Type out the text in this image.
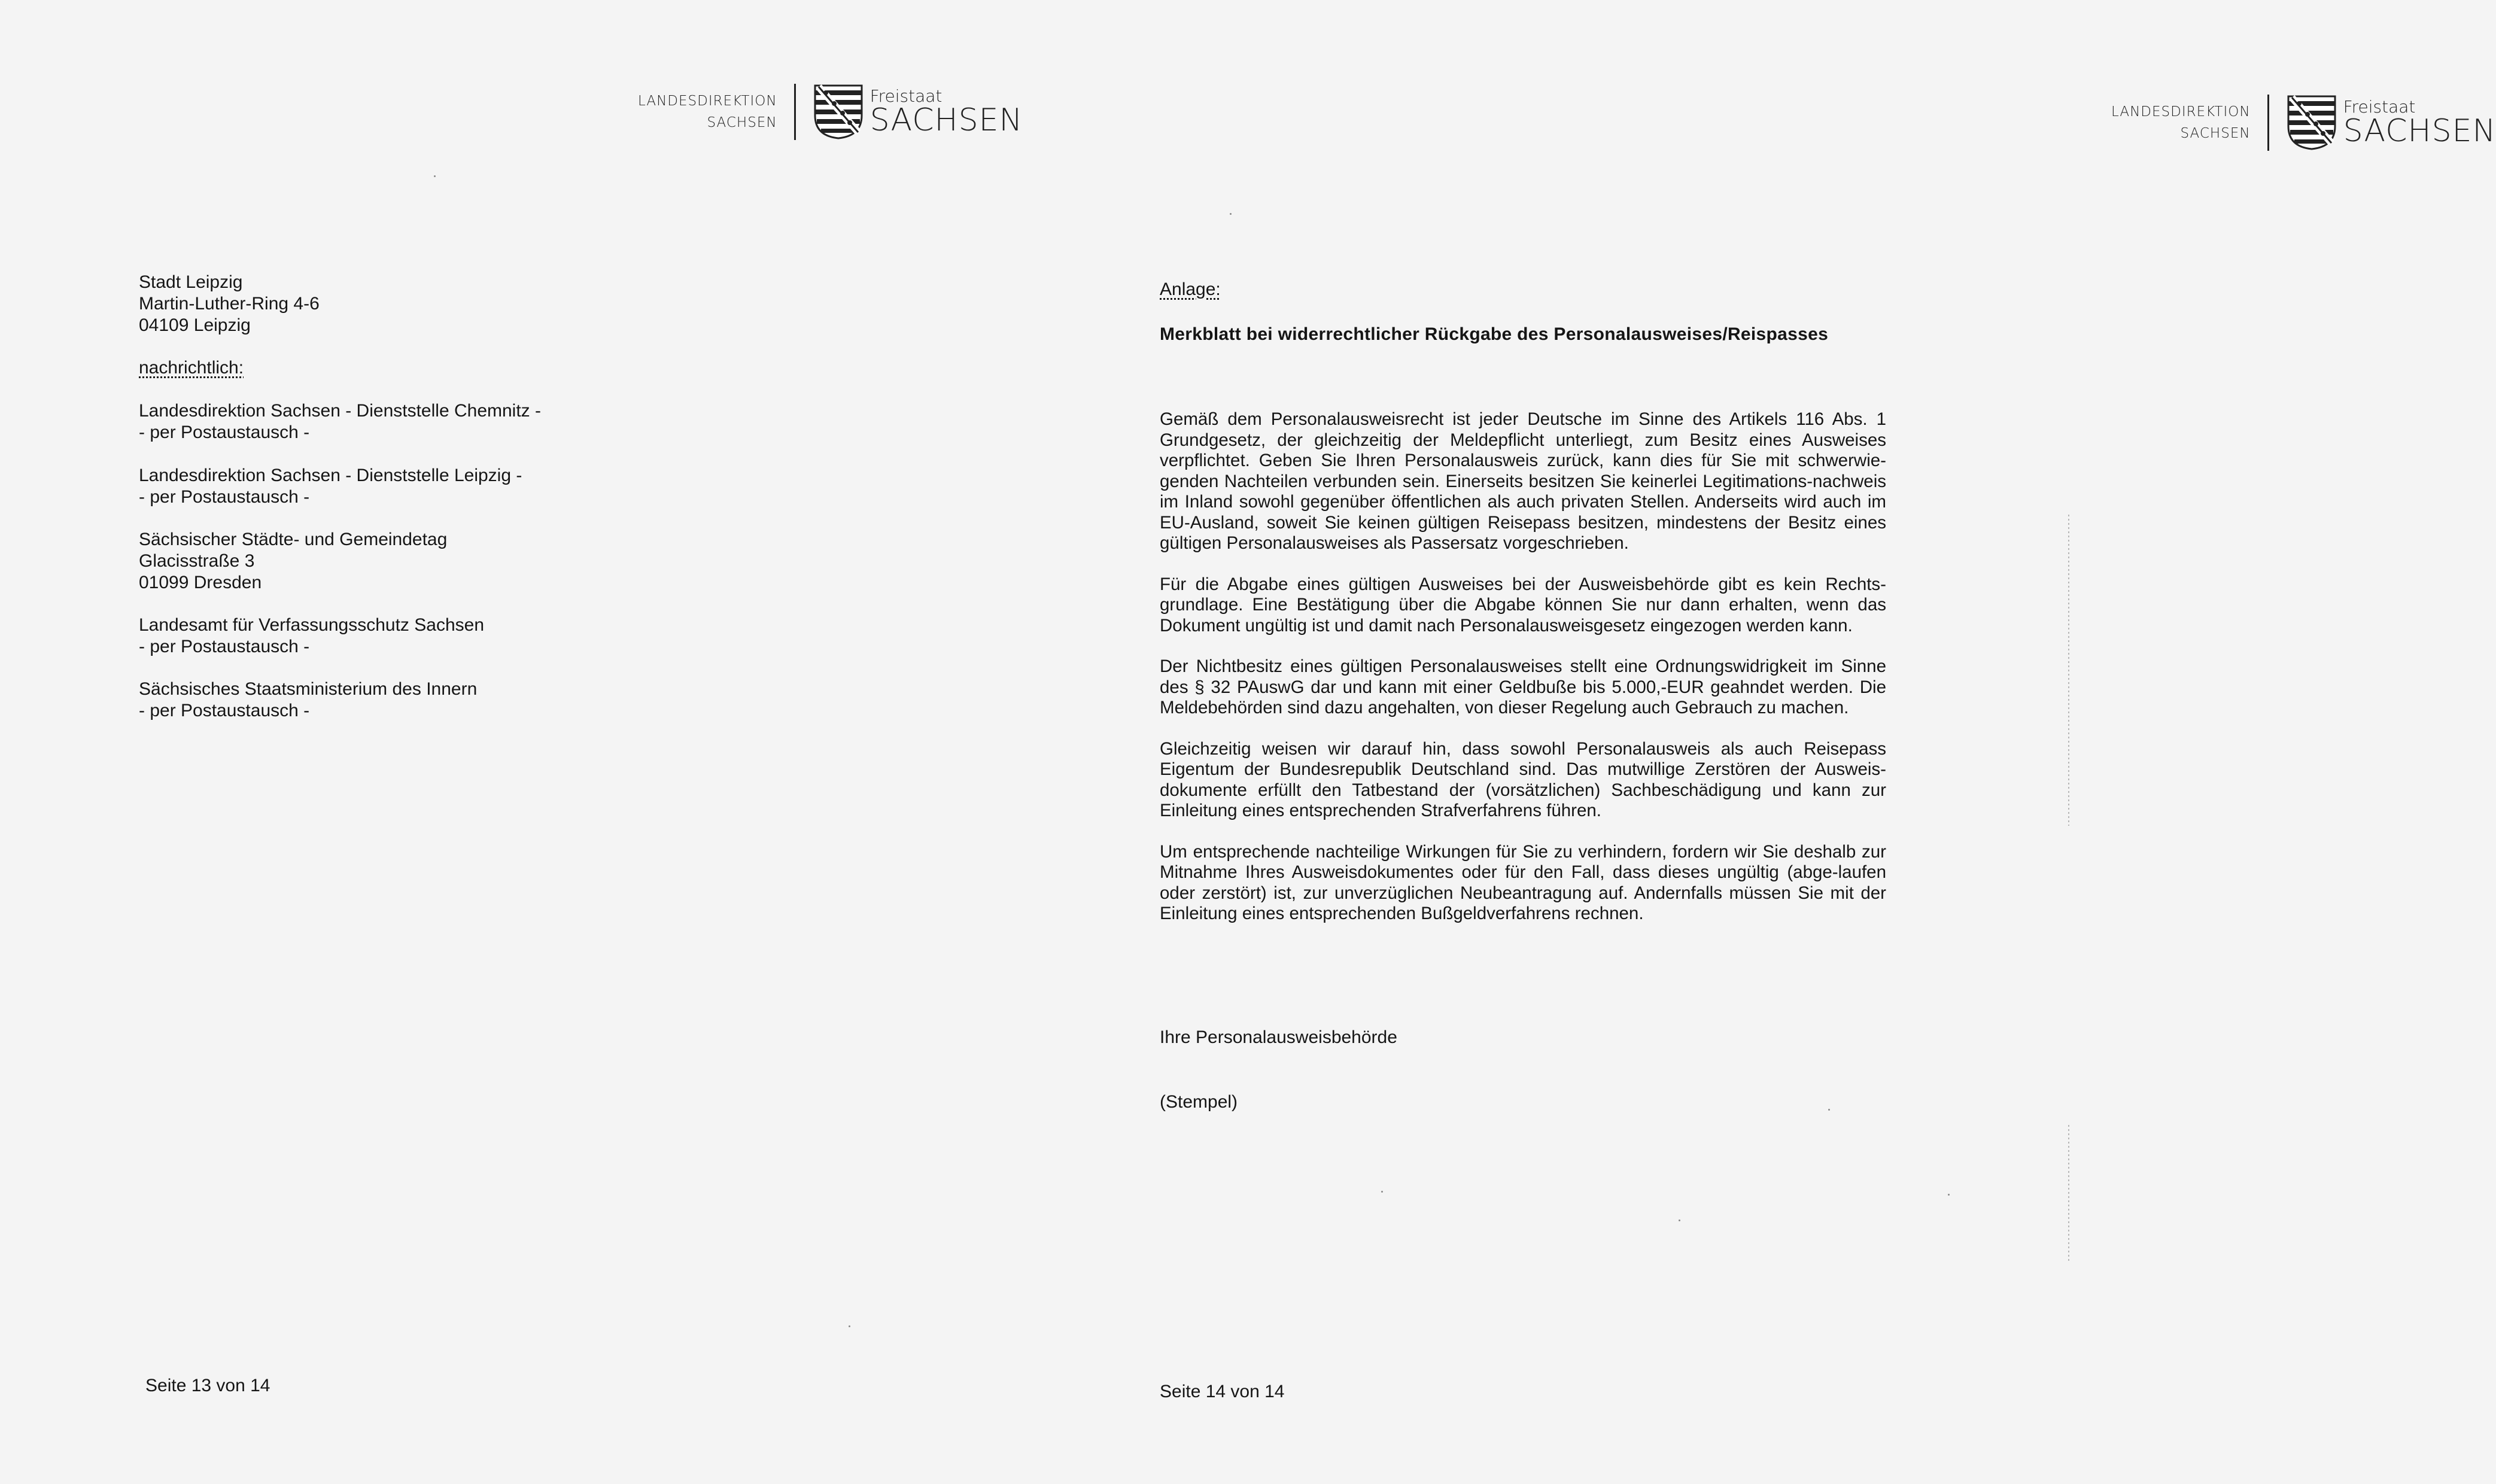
LANDESDIREKTION
SACHSEN
Freistaat
SACHSEN
Stadt Leipzig
Martin-Luther-Ring 4-6
04109 Leipzig
nachrichtlich:
Landesdirektion Sachsen - Dienststelle Chemnitz -
- per Postaustausch -
Landesdirektion Sachsen - Dienststelle Leipzig -
- per Postaustausch -
Sächsischer Städte- und Gemeindetag
Glacisstraße 3
01099 Dresden
Landesamt für Verfassungsschutz Sachsen
- per Postaustausch -
Sächsisches Staatsministerium des Innern
- per Postaustausch -
Seite 13 von 14
LANDESDIREKTION
SACHSEN
Freistaat
SACHSEN
Anlage:
Merkblatt bei widerrechtlicher Rückgabe des Personalausweises/Reispasses

Gemäß dem Personalausweisrecht ist jeder Deutsche im Sinne des Artikels 116 Abs. 1 Grundgesetz, der gleichzeitig der Meldepflicht unterliegt, zum Besitz eines Ausweises verpflichtet. Geben Sie Ihren Personalausweis zurück, kann dies für Sie mit schwerwie-genden Nachteilen verbunden sein. Einerseits besitzen Sie keinerlei Legitimations-nachweis im Inland sowohl gegenüber öffentlichen als auch privaten Stellen. Anderseits wird auch im EU-Ausland, soweit Sie keinen gültigen Reisepass besitzen, mindestens der Besitz eines gültigen Personalausweises als Passersatz vorgeschrieben.

Für die Abgabe eines gültigen Ausweises bei der Ausweisbehörde gibt es kein Rechts-grundlage. Eine Bestätigung über die Abgabe können Sie nur dann erhalten, wenn das Dokument ungültig ist und damit nach Personalausweisgesetz eingezogen werden kann.

Der Nichtbesitz eines gültigen Personalausweises stellt eine Ordnungswidrigkeit im Sinne des § 32 PAuswG dar und kann mit einer Geldbuße bis 5.000,-EUR geahndet werden. Die Meldebehörden sind dazu angehalten, von dieser Regelung auch Gebrauch zu machen.

Gleichzeitig weisen wir darauf hin, dass sowohl Personalausweis als auch Reisepass Eigentum der Bundesrepublik Deutschland sind. Das mutwillige Zerstören der Ausweis-dokumente erfüllt den Tatbestand der (vorsätzlichen) Sachbeschädigung und kann zur Einleitung eines entsprechenden Strafverfahrens führen.

Um entsprechende nachteilige Wirkungen für Sie zu verhindern, fordern wir Sie deshalb zur Mitnahme Ihres Ausweisdokumentes oder für den Fall, dass dieses ungültig (abge-laufen oder zerstört) ist, zur unverzüglichen Neubeantragung auf. Andernfalls müssen Sie mit der Einleitung eines entsprechenden Bußgeldverfahrens rechnen.

Ihre Personalausweisbehörde
(Stempel)
Seite 14 von 14
